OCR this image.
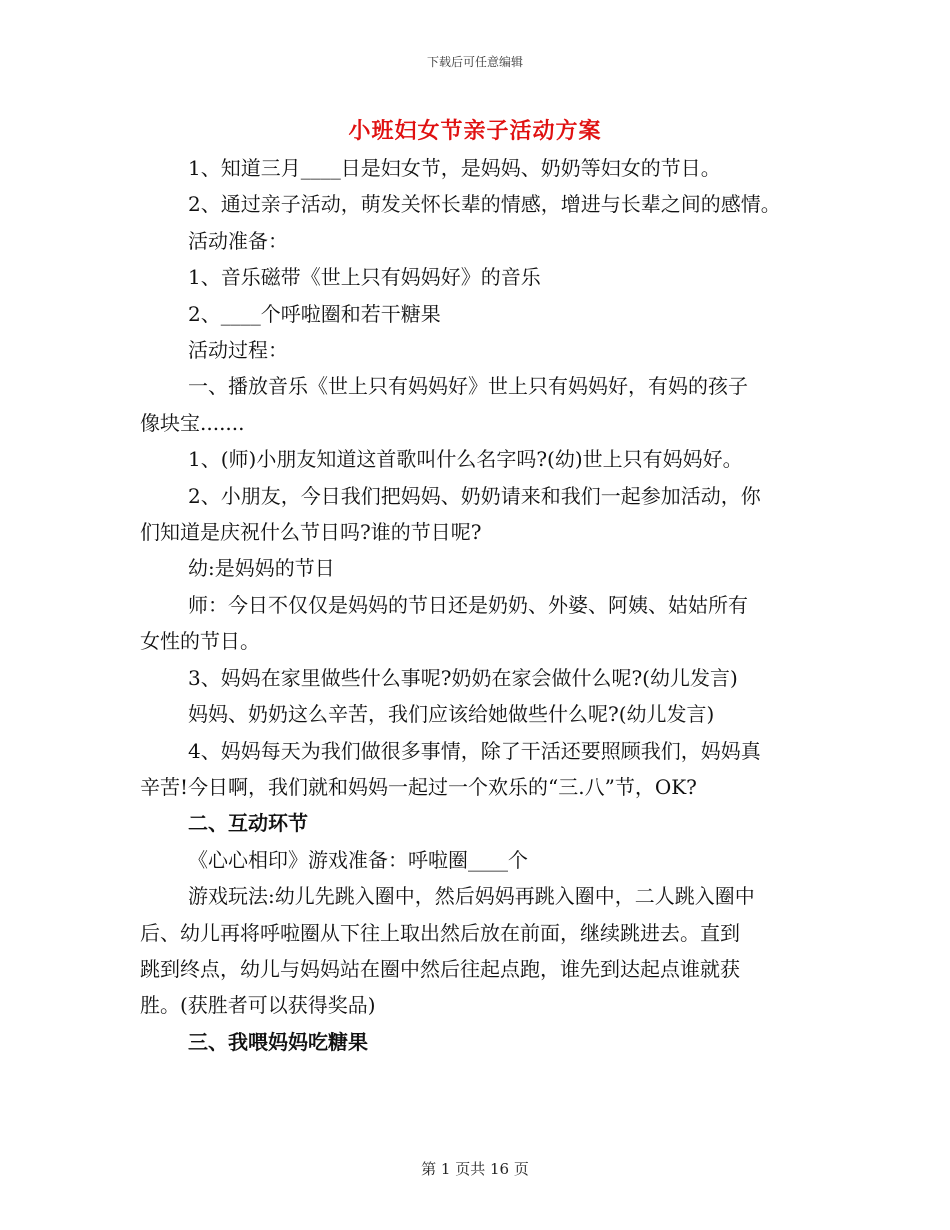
下载后可任意编辑
小班妇女节亲子活动方案

1、知道三月____日是妇女节，是妈妈、奶奶等妇女的节日。

2、通过亲子活动，萌发关怀长辈的情感，增进与长辈之间的感情。

活动准备：

1、音乐磁带《世上只有妈妈好》的音乐

2、____个呼啦圈和若干糖果

活动过程：

一、播放音乐《世上只有妈妈好》世上只有妈妈好，有妈的孩子

像块宝.......

1、(师)小朋友知道这首歌叫什么名字吗?(幼)世上只有妈妈好。

2、小朋友，今日我们把妈妈、奶奶请来和我们一起参加活动，你

们知道是庆祝什么节日吗?谁的节日呢?

幼:是妈妈的节日

师：今日不仅仅是妈妈的节日还是奶奶、外婆、阿姨、姑姑所有

女性的节日。

3、妈妈在家里做些什么事呢?奶奶在家会做什么呢?(幼儿发言)

妈妈、奶奶这么辛苦，我们应该给她做些什么呢?(幼儿发言)

4、妈妈每天为我们做很多事情，除了干活还要照顾我们，妈妈真

辛苦!今日啊，我们就和妈妈一起过一个欢乐的“三.八”节，OK?

二、互动环节

《心心相印》游戏准备：呼啦圈____个

游戏玩法:幼儿先跳入圈中，然后妈妈再跳入圈中，二人跳入圈中

后、幼儿再将呼啦圈从下往上取出然后放在前面，继续跳进去。直到

跳到终点，幼儿与妈妈站在圈中然后往起点跑，谁先到达起点谁就获

胜。(获胜者可以获得奖品)

三、我喂妈妈吃糖果

第 1 页共 16 页
